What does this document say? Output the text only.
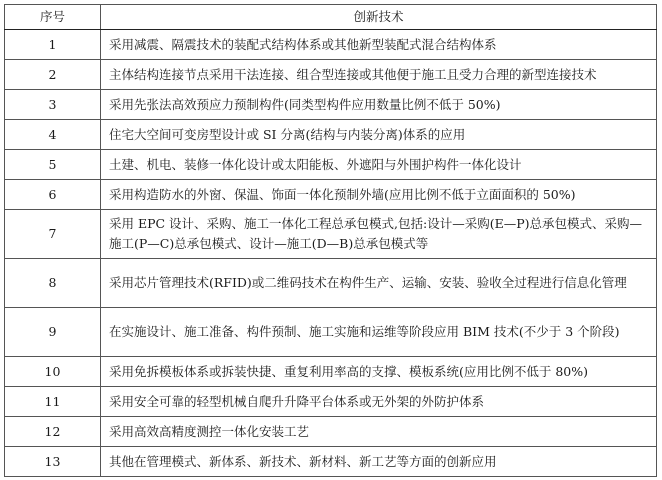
序号	创新技术
1	采用减震、隔震技术的装配式结构体系或其他新型装配式混合结构体系
2	主体结构连接节点采用干法连接、组合型连接或其他便于施工且受力合理的新型连接技术
3	采用先张法高效预应力预制构件(同类型构件应用数量比例不低于 50%)
4	住宅大空间可变房型设计或 SI 分离(结构与内装分离)体系的应用
5	土建、机电、装修一体化设计或太阳能板、外遮阳与外围护构件一体化设计
6	采用构造防水的外窗、保温、饰面一体化预制外墙(应用比例不低于立面面积的 50%)
7	采用 EPC 设计、采购、施工一体化工程总承包模式,包括:设计—采购(E—P)总承包模式、采购—施工(P—C)总承包模式、设计—施工(D—B)总承包模式等
8	采用芯片管理技术(RFID)或二维码技术在构件生产、运输、安装、验收全过程进行信息化管理
9	在实施设计、施工准备、构件预制、施工实施和运维等阶段应用 BIM 技术(不少于 3 个阶段)
10	采用免拆模板体系或拆装快捷、重复利用率高的支撑、模板系统(应用比例不低于 80%)
11	采用安全可靠的轻型机械自爬升升降平台体系或无外架的外防护体系
12	采用高效高精度测控一体化安装工艺
13	其他在管理模式、新体系、新技术、新材料、新工艺等方面的创新应用
